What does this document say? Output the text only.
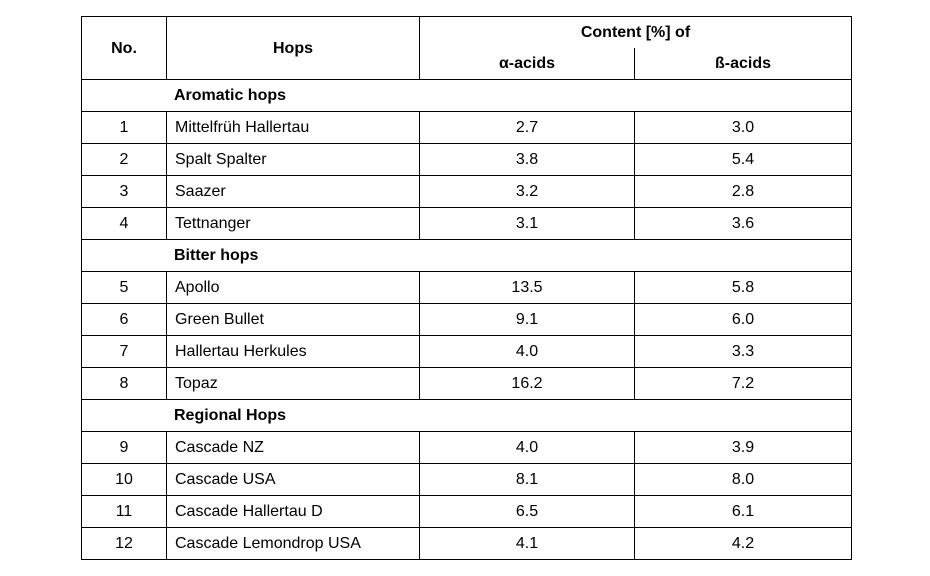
No.	Hops	Content [%] of	
		α-acids	ß-acids
Aromatic hops			
1	Mittelfrüh Hallertau	2.7	3.0
2	Spalt Spalter	3.8	5.4
3	Saazer	3.2	2.8
4	Tettnanger	3.1	3.6
Bitter hops			
5	Apollo	13.5	5.8
6	Green Bullet	9.1	6.0
7	Hallertau Herkules	4.0	3.3
8	Topaz	16.2	7.2
Regional Hops			
9	Cascade NZ	4.0	3.9
10	Cascade USA	8.1	8.0
11	Cascade Hallertau D	6.5	6.1
12	Cascade Lemondrop USA	4.1	4.2
